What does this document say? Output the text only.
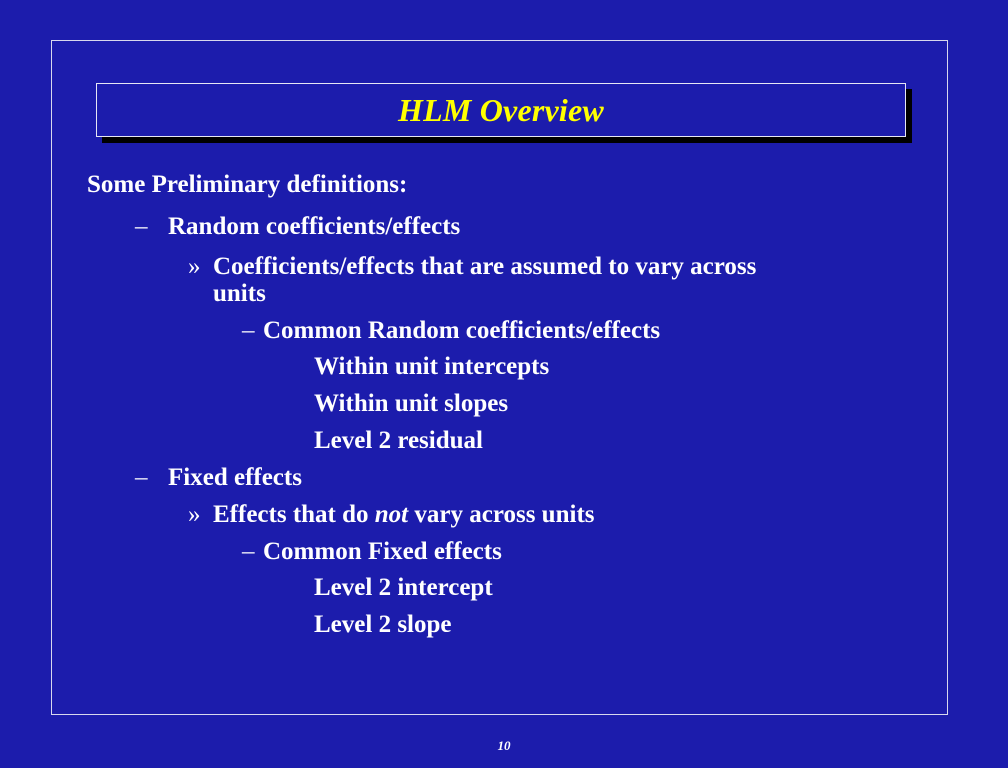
HLM Overview
Some Preliminary definitions:
– Random coefficients/effects
» Coefficients/effects that are assumed to vary across
units
– Common Random coefficients/effects
Within unit intercepts
Within unit slopes
Level 2 residual
– Fixed effects
» Effects that do not vary across units
– Common Fixed effects
Level 2 intercept
Level 2 slope
10
